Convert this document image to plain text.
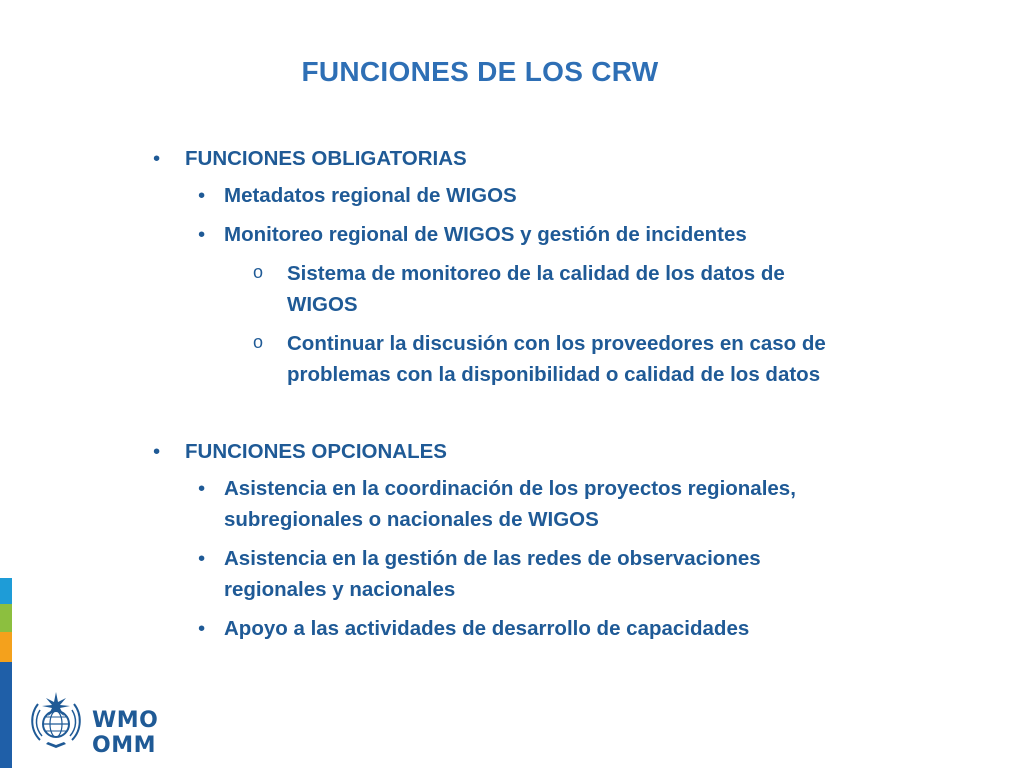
FUNCIONES DE LOS CRW
• FUNCIONES OBLIGATORIAS
• Metadatos regional de WIGOS
• Monitoreo regional de WIGOS y gestión de incidentes
o Sistema de monitoreo de la calidad de los datos de WIGOS
o Continuar la discusión con los proveedores en caso de problemas con la disponibilidad o calidad de los datos
• FUNCIONES OPCIONALES
• Asistencia en la coordinación de los proyectos regionales, subregionales o nacionales de WIGOS
• Asistencia en la gestión de las redes de observaciones regionales y nacionales
• Apoyo a las actividades de desarrollo de capacidades
WMO OMM
